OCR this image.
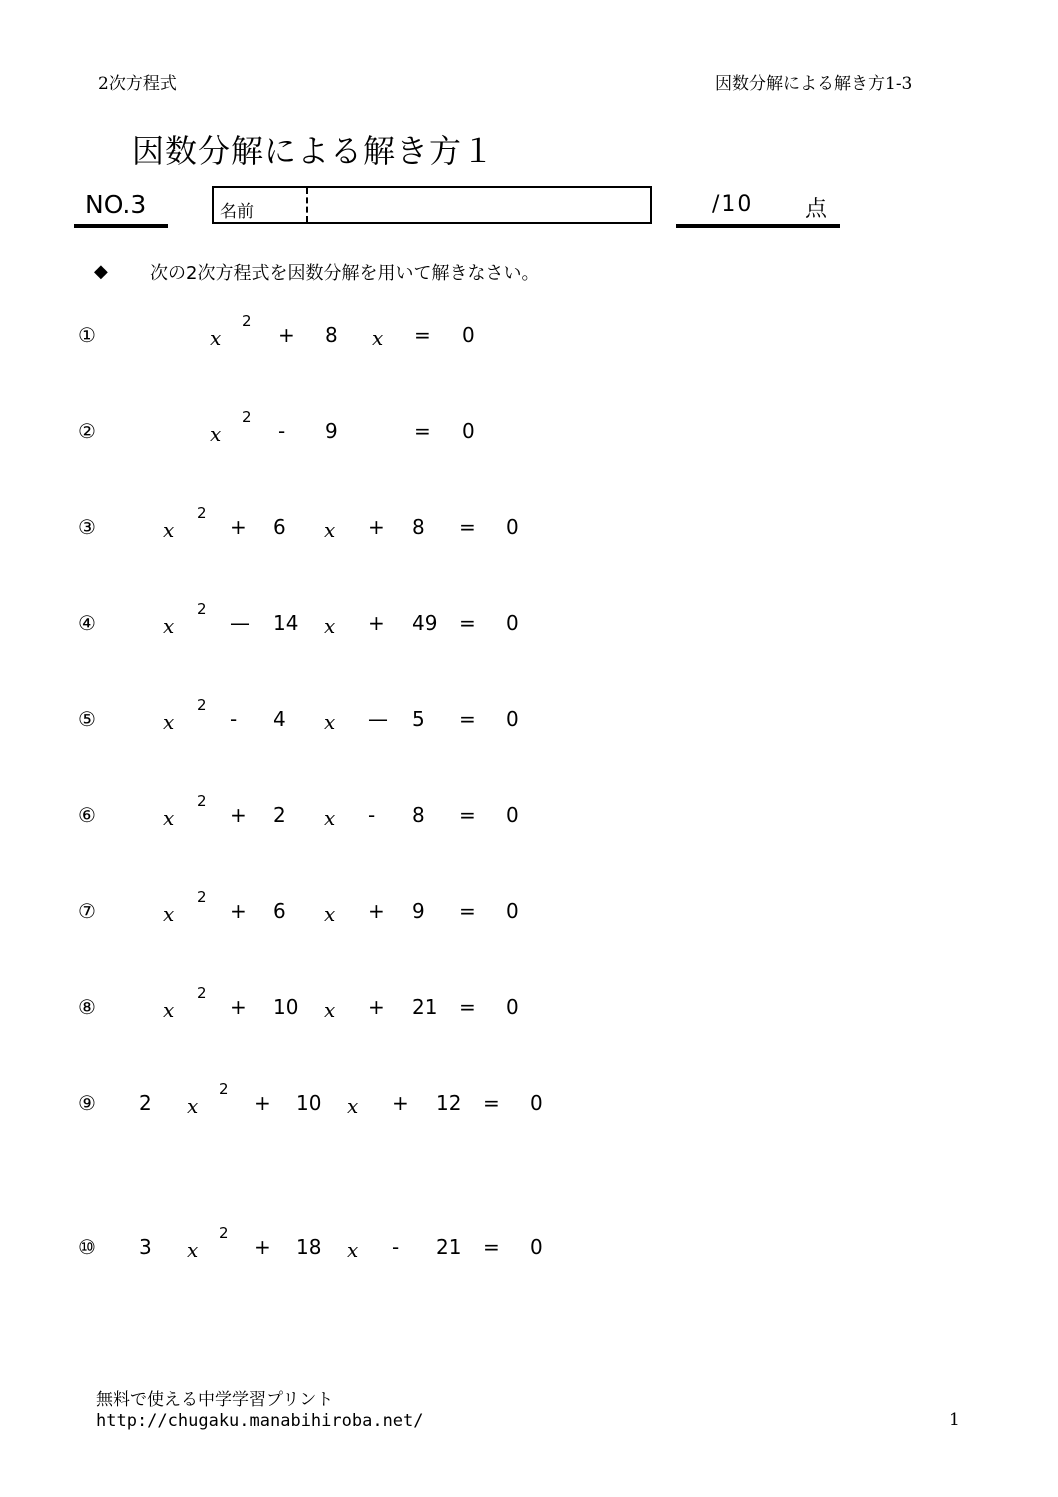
2次方程式	因数分解による解き方1-3
因数分解による解き方１
NO.3	名前	/10 点
◆ 次の2次方程式を因数分解を用いて解きなさい。
①	x
2
+ 8 x = 0
②	x
2
- 9	= 0
③	x
2
+ 6 x + 8 = 0
④	x
2
— 14 x + 49 = 0
⑤	x
2
- 4 x — 5 = 0
⑥	x
2
+ 2 x - 8 = 0
⑦	x
2
+ 6 x + 9 = 0
⑧	x
2
+ 10 x + 21 = 0
⑨ 2 x
2
+ 10 x + 12 = 0
⑩ 3 x
2
+ 18 x - 21 = 0
無料で使える中学学習プリント
http://chugaku.manabihiroba.net/	1
